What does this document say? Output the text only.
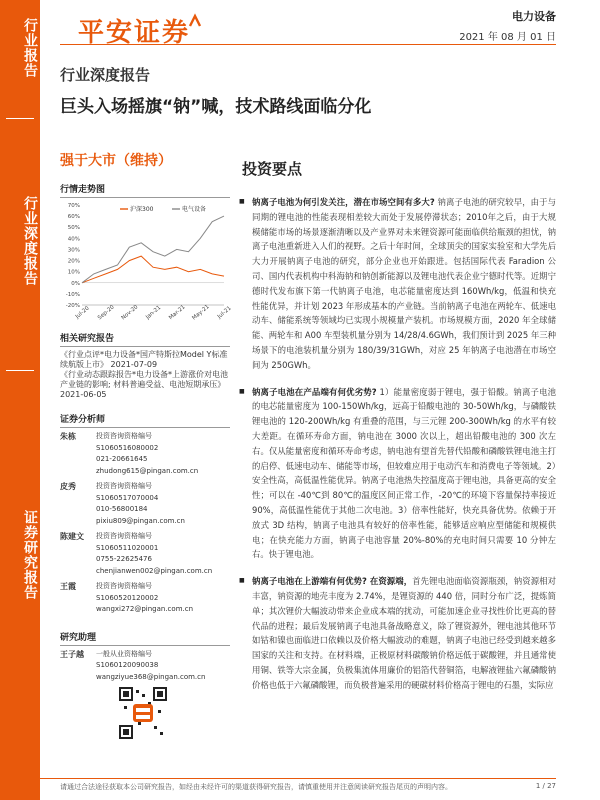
行业报告
行业深度报告
证券研究报告
平安证券
电力设备
2021 年 08 月 01 日
行业深度报告
巨头入场摇旗“钠”喊，技术路线面临分化
强于大市（维持）
行情走势图
70%
60%
50%
40%
30%
20%
10%
0%
-10%
-20%
Jul-20 Sep-20 Nov-20 Jan-21 Mar-21 May-21 Jul-21
沪深300	电气设备
相关研究报告

《行业点评*电力设备*国产特斯拉Model Y标准续航版上市》 2021-07-09

《行业动态跟踪报告*电力设备*上游涨价对电池产业链的影响; 材料普遍受益、电池短期承压》 2021-06-05

证券分析师
朱栋	投资咨询资格编号
S1060516080002
021-20661645
zhudong615@pingan.com.cn
皮秀	投资咨询资格编号
S1060517070004
010-56800184
pixiu809@pingan.com.cn
陈建文	投资咨询资格编号
S1060511020001
0755-22625476
chenjianwen002@pingan.com.cn
王霞	投资咨询资格编号
S1060520120002
wangxi272@pingan.com.cn
研究助理
王子越	一般从业资格编号
S1060120090038
wangziyue368@pingan.com.cn
投资要点
■ 钠离子电池为何引发关注，潜在市场空间有多大? 钠离子电池的研究较早，由于与同期的锂电池的性能表现相差较大而处于发展停滞状态；2010年之后，由于大规模储能市场的场景逐渐清晰以及产业界对未来锂资源可能面临供给瓶颈的担忧，钠离子电池重新进入人们的视野。之后十年时间，全球顶尖的国家实验室和大学先后大力开展钠离子电池的研究，部分企业也开始跟进。包括国际代表 Faradion 公司、国内代表机构中科海钠和钠创新能源以及锂电池代表企业宁德时代等。近期宁德时代发布旗下第一代钠离子电池，电芯能量密度达到 160Wh/kg，低温和快充性能优异，并计划 2023 年形成基本的产业链。当前钠离子电池在两轮车、低速电动车、储能系统等领域均已实现小规模量产装机。市场规模方面，2020 年全球储能、两轮车和 A00 车型装机量分别为 14/28/4.6GWh，我们预计到 2025 年三种场景下的电池装机量分别为 180/39/31GWh，对应 25 年钠离子电池潜在市场空间为 250GWh。
■ 钠离子电池在产品端有何优劣势? 1）能量密度弱于锂电，强于铅酸。钠离子电池的电芯能量密度为 100-150Wh/kg，远高于铅酸电池的 30-50Wh/kg，与磷酸铁锂电池的 120-200Wh/kg 有重叠的范围，与三元锂 200-300Wh/kg 的水平有较大差距。在循环寿命方面，钠电池在 3000 次以上，超出铅酸电池的 300 次左右。仅从能量密度和循环寿命考虑，钠电池有望首先替代铅酸和磷酸铁锂电池主打的启停、低速电动车、储能等市场，但较难应用于电动汽车和消费电子等领域。2）安全性高，高低温性能优异。钠离子电池热失控温度高于锂电池，具备更高的安全性；可以在 -40℃到 80℃的温度区间正常工作，-20℃的环境下容量保持率接近 90%，高低温性能优于其他二次电池。3）倍率性能好，快充具备优势。依赖于开放式 3D 结构，钠离子电池具有较好的倍率性能，能够适应响应型储能和规模供电；在快充能力方面，钠离子电池容量 20%-80%的充电时间只需要 10 分钟左右。快于锂电池。
■ 钠离子电池在上游端有何优势? 在资源端，首先锂电池面临资源瓶颈，钠资源相对丰富，钠资源的地壳丰度为 2.74%，是锂资源的 440 倍，同时分布广泛，提炼简单；其次锂价大幅波动带来企业成本端的扰动，可能加速企业寻找性价比更高的替代品的进程；最后发展钠离子电池具备战略意义，除了锂资源外，锂电池其他环节如钴和镍也面临进口依赖以及价格大幅波动的难题，钠离子电池已经受到越来越多国家的关注和支持。在材料端，正极原材料碳酸钠价格远低于碳酸锂，并且通常使用铜、铁等大宗金属，负极集流体用廉价的铝箔代替铜箔，电解液锂盐六氟磷酸钠价格也低于六氟磷酸锂，而负极普遍采用的硬碳材料价格高于锂电的石墨，实际应
请通过合法途径获取本公司研究报告，如经由未经许可的渠道获得研究报告，请慎重使用并注意阅读研究报告尾页的声明内容。	1 / 27
